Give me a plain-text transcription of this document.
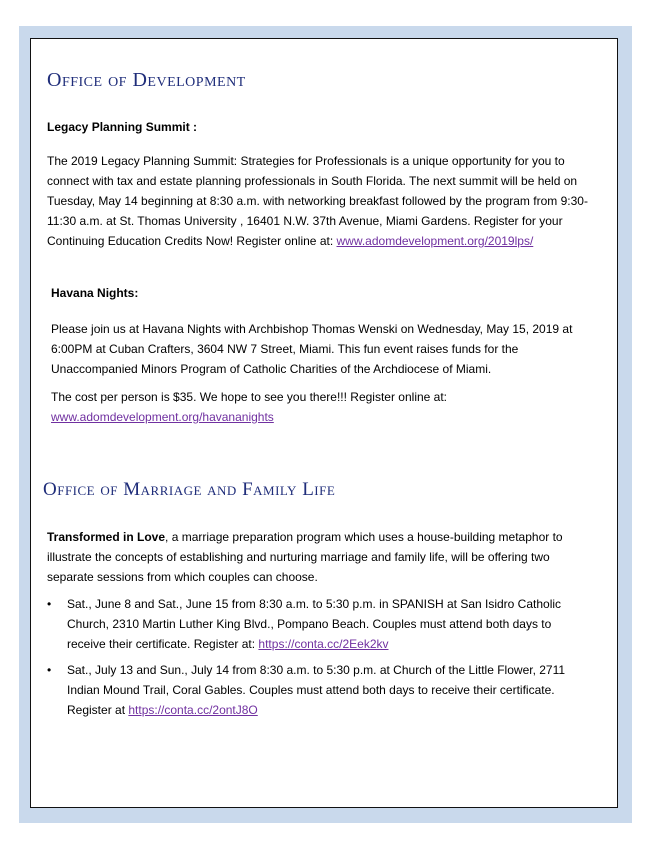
Office of Development
Legacy Planning Summit :
The 2019 Legacy Planning Summit: Strategies for Professionals is a unique opportunity for you to connect with tax and estate planning professionals in South Florida. The next summit will be held on Tuesday, May 14 beginning at 8:30 a.m. with networking breakfast followed by the program from 9:30-11:30 a.m. at St. Thomas University , 16401 N.W. 37th Avenue, Miami Gardens. Register for your Continuing Education Credits Now! Register online at: www.adomdevelopment.org/2019lps/
Havana Nights:
Please join us at Havana Nights with Archbishop Thomas Wenski on Wednesday, May 15, 2019 at 6:00PM at Cuban Crafters, 3604 NW 7 Street, Miami. This fun event raises funds for the Unaccompanied Minors Program of Catholic Charities of the Archdiocese of Miami.
The cost per person is $35. We hope to see you there!!! Register online at:
www.adomdevelopment.org/havananights
Office of Marriage and Family Life
Transformed in Love, a marriage preparation program which uses a house-building metaphor to illustrate the concepts of establishing and nurturing marriage and family life, will be offering two separate sessions from which couples can choose.
• Sat., June 8 and Sat., June 15 from 8:30 a.m. to 5:30 p.m. in SPANISH at San Isidro Catholic Church, 2310 Martin Luther King Blvd., Pompano Beach. Couples must attend both days to receive their certificate. Register at: https://conta.cc/2Eek2kv
• Sat., July 13 and Sun., July 14 from 8:30 a.m. to 5:30 p.m. at Church of the Little Flower, 2711 Indian Mound Trail, Coral Gables. Couples must attend both days to receive their certificate. Register at https://conta.cc/2ontJ8O
